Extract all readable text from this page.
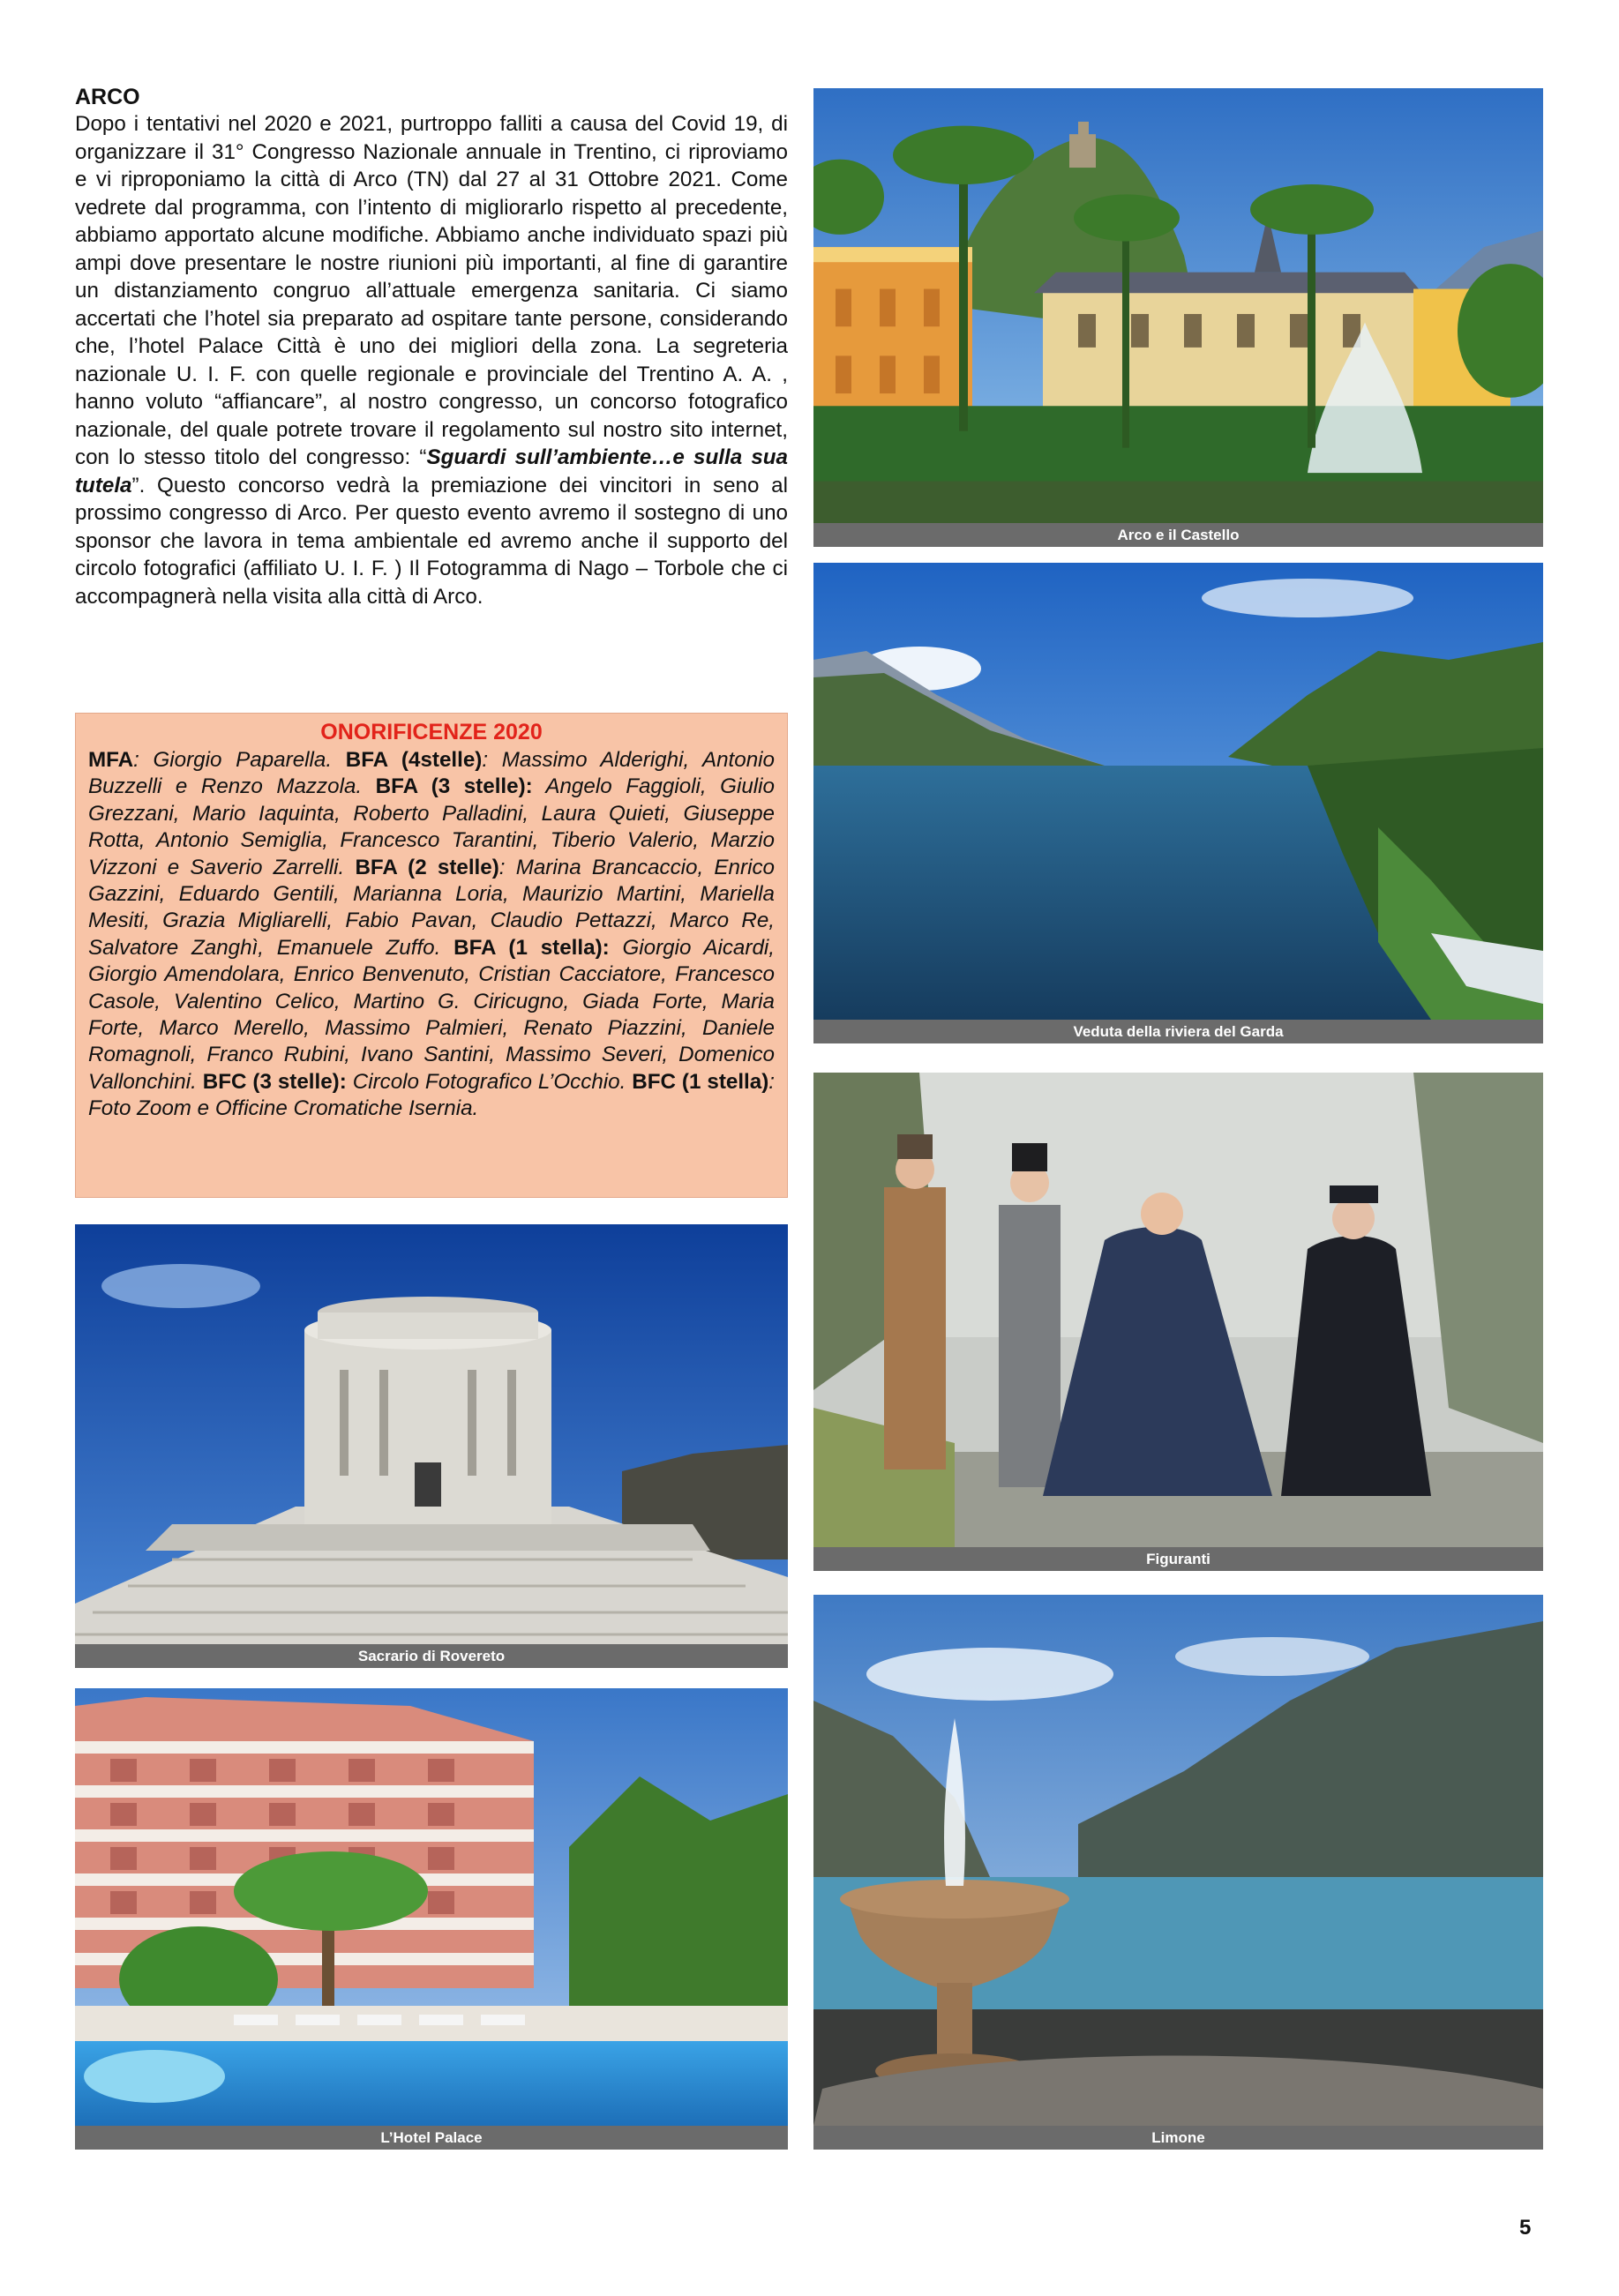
ARCO

Dopo i tentativi nel 2020 e 2021, purtroppo falliti a causa del Covid 19, di organizzare il 31° Congresso Nazionale annuale in Trentino, ci riproviamo e vi riproponiamo la città di Arco (TN) dal 27 al 31 Ottobre 2021. Come vedrete dal programma, con l’intento di migliorarlo rispetto al precedente, abbiamo apportato alcune modifiche. Abbiamo anche individuato spazi più ampi dove presentare le nostre riunioni più importanti, al fine di garantire un distanziamento congruo all’attuale emergenza sanitaria. Ci siamo accertati che l’hotel sia preparato ad ospitare tante persone, considerando che, l’hotel Palace Città è uno dei migliori della zona. La segreteria nazionale U. I. F. con quelle regionale e provinciale del Trentino A. A. , hanno voluto “affiancare”, al nostro congresso, un concorso fotografico nazionale, del quale potrete trovare il regolamento sul nostro sito internet, con lo stesso titolo del congresso: “Sguardi sull’ambiente…e sulla sua tutela”. Questo concorso vedrà la premiazione dei vincitori in seno al prossimo congresso di Arco. Per questo evento avremo il sostegno di uno sponsor che lavora in tema ambientale ed avremo anche il supporto del circolo fotografici (affiliato U. I. F. ) Il Fotogramma di Nago – Torbole che ci accompagnerà nella visita alla città di Arco.

ONORIFICENZE 2020

MFA: Giorgio Paparella. BFA (4stelle): Massimo Alderighi, Antonio Buzzelli e Renzo Mazzola. BFA (3 stelle): Angelo Faggioli, Giulio Grezzani, Mario Iaquinta, Roberto Palladini, Laura Quieti, Giuseppe Rotta, Antonio Semiglia, Francesco Tarantini, Tiberio Valerio, Marzio Vizzoni e Saverio Zarrelli. BFA (2 stelle): Marina Brancaccio, Enrico Gazzini, Eduardo Gentili, Marianna Loria, Maurizio Martini, Mariella Mesiti, Grazia Migliarelli, Fabio Pavan, Claudio Pettazzi, Marco Re, Salvatore Zanghì, Emanuele Zuffo. BFA (1 stella): Giorgio Aicardi, Giorgio Amendolara, Enrico Benvenuto, Cristian Cacciatore, Francesco Casole, Valentino Celico, Martino G. Ciricugno, Giada Forte, Maria Forte, Marco Merello, Massimo Palmieri, Renato Piazzini, Daniele Romagnoli, Franco Rubini, Ivano Santini, Massimo Severi, Domenico Vallonchini. BFC (3 stelle): Circolo Fotografico L’Occhio. BFC (1 stella): Foto Zoom e Officine Cromatiche Isernia.

Arco e il Castello
Veduta della riviera del Garda
Figuranti
Sacrario di Rovereto
L’Hotel Palace	Limone
5
